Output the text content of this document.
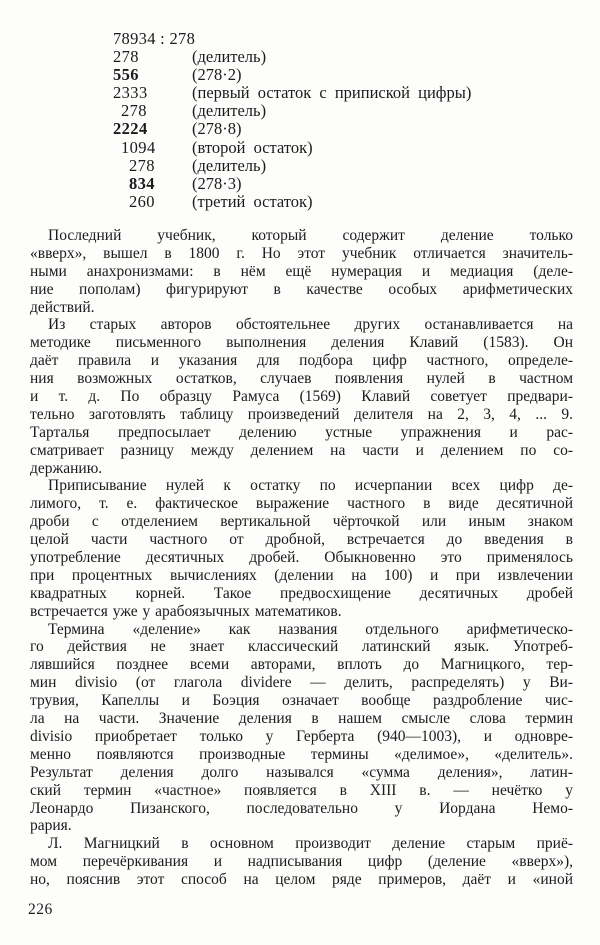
78934 : 278
278	(делитель)
556	(278·2)
2333	(первый остаток с припиской цифры)
278	(делитель)
2224	(278·8)
1094 (второй остаток)
278 (делитель)
834 (278·3)
260 (третий остаток)
Последний учебник, который содержит деление только
«вверх», вышел в 1800 г. Но этот учебник отличается значитель-
ными анахронизмами: в нём ещё нумерация и медиация (деле-
ние пополам) фигурируют в качестве особых арифметических
действий.
Из старых авторов обстоятельнее других останавливается на
методике письменного выполнения деления Клавий (1583). Он
даёт правила и указания для подбора цифр частного, определе-
ния возможных остатков, случаев появления нулей в частном
и т. д. По образцу Рамуса (1569) Клавий советует предвари-
тельно заготовлять таблицу произведений делителя на 2, 3, 4, ... 9.
Тарталья предпосылает делению устные упражнения и рас-
сматривает разницу между делением на части и делением по со-
держанию.
Приписывание нулей к остатку по исчерпании всех цифр де-
лимого, т. е. фактическое выражение частного в виде десятичной
дроби с отделением вертикальной чёрточкой или иным знаком
целой части частного от дробной, встречается до введения в
употребление десятичных дробей. Обыкновенно это применялось
при процентных вычислениях (делении на 100) и при извлечении
квадратных корней. Такое предвосхищение десятичных дробей
встречается уже у арабоязычных математиков.
Термина «деление» как названия отдельного арифметическо-
го действия не знает классический латинский язык. Употреб-
лявшийся позднее всеми авторами, вплоть до Магницкого, тер-
мин divisio (от глагола dividere — делить, распределять) у Ви-
трувия, Капеллы и Боэция означает вообще раздробление чис-
ла на части. Значение деления в нашем смысле слова термин
divisio приобретает только у Герберта (940—1003), и одновре-
менно появляются производные термины «делимое», «делитель».
Результат деления долго назывался «сумма деления», латин-
ский термин «частное» появляется в XIII в. — нечётко у
Леонардо Пизанского, последовательно у Иордана Немо-
рария.
Л. Магницкий в основном производит деление старым приё-
мом перечёркивания и надписывания цифр (деление «вверх»),
но, пояснив этот способ на целом ряде примеров, даёт и «иной
226
